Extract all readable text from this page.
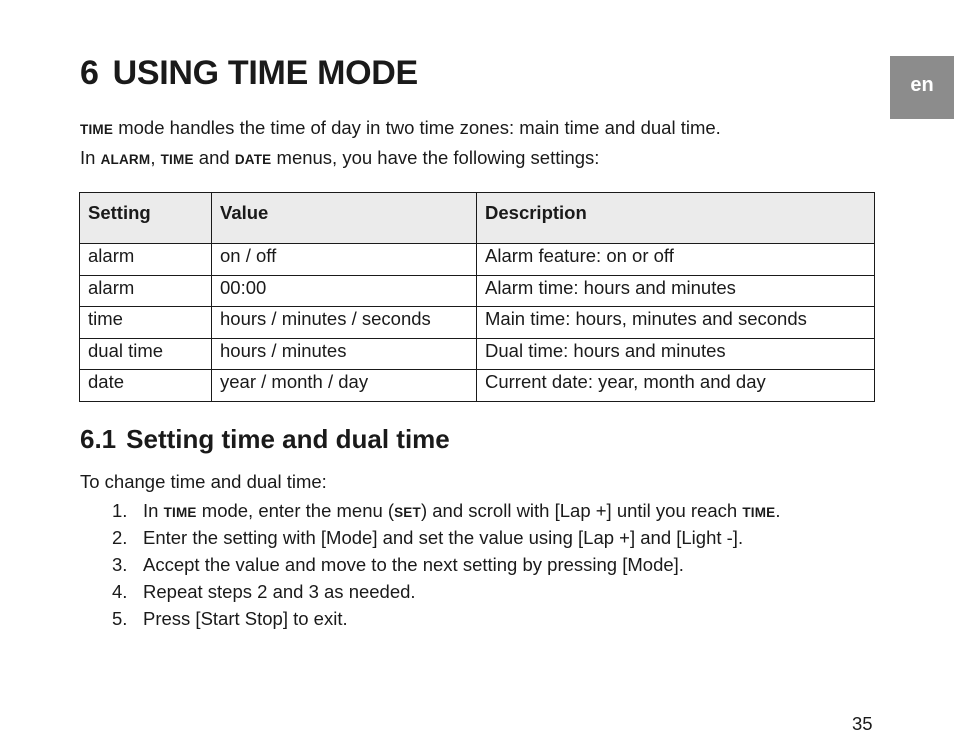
en
6 USING TIME MODE

TIME mode handles the time of day in two time zones: main time and dual time.

In ALARM, TIME and DATE menus, you have the following settings:

Setting	Value	Description
alarm	on / off	Alarm feature: on or off
alarm	00:00	Alarm time: hours and minutes
time	hours / minutes / seconds	Main time: hours, minutes and seconds
dual time	hours / minutes	Dual time: hours and minutes
date	year / month / day	Current date: year, month and day
6.1 Setting time and dual time

To change time and dual time:

1. In TIME mode, enter the menu (SET) and scroll with [Lap +] until you reach TIME.
2. Enter the setting with [Mode] and set the value using [Lap +] and [Light -].
3. Accept the value and move to the next setting by pressing [Mode].
4. Repeat steps 2 and 3 as needed.
5. Press [Start Stop] to exit.
35
